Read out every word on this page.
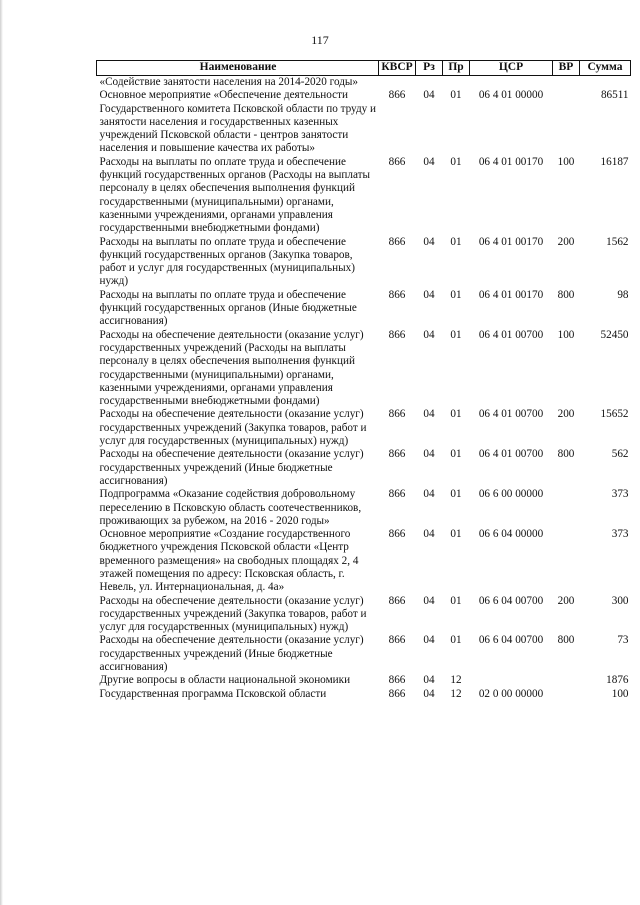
117
Наименование	КВСР	Рз	Пр	ЦСР	ВР	Сумма
«Содействие занятости населения на 2014-2020 годы»						
Основное мероприятие «Обеспечение деятельности Государственного комитета Псковской области по труду и занятости населения и государственных казенных учреждений Псковской области - центров занятости населения и повышение качества их работы»	866	04	01	06 4 01 00000		86511
Расходы на выплаты по оплате труда и обеспечение функций государственных органов (Расходы на выплаты персоналу в целях обеспечения выполнения функций государственными (муниципальными) органами, казенными учреждениями, органами управления государственными внебюджетными фондами)	866	04	01	06 4 01 00170	100	16187
Расходы на выплаты по оплате труда и обеспечение функций государственных органов (Закупка товаров, работ и услуг для государственных (муниципальных) нужд)	866	04	01	06 4 01 00170	200	1562
Расходы на выплаты по оплате труда и обеспечение функций государственных органов (Иные бюджетные ассигнования)	866	04	01	06 4 01 00170	800	98
Расходы на обеспечение деятельности (оказание услуг) государственных учреждений (Расходы на выплаты персоналу в целях обеспечения выполнения функций государственными (муниципальными) органами, казенными учреждениями, органами управления государственными внебюджетными фондами)	866	04	01	06 4 01 00700	100	52450
Расходы на обеспечение деятельности (оказание услуг) государственных учреждений (Закупка товаров, работ и услуг для государственных (муниципальных) нужд)	866	04	01	06 4 01 00700	200	15652
Расходы на обеспечение деятельности (оказание услуг) государственных учреждений (Иные бюджетные ассигнования)	866	04	01	06 4 01 00700	800	562
Подпрограмма «Оказание содействия добровольному переселению в Псковскую область соотечественников, проживающих за рубежом, на 2016 - 2020 годы»	866	04	01	06 6 00 00000		373
Основное мероприятие «Создание государственного бюджетного учреждения Псковской области «Центр временного размещения» на свободных площадях 2, 4 этажей помещения по адресу: Псковская область, г. Невель, ул. Интернациональная, д. 4а»	866	04	01	06 6 04 00000		373
Расходы на обеспечение деятельности (оказание услуг) государственных учреждений (Закупка товаров, работ и услуг для государственных (муниципальных) нужд)	866	04	01	06 6 04 00700	200	300
Расходы на обеспечение деятельности (оказание услуг) государственных учреждений (Иные бюджетные ассигнования)	866	04	01	06 6 04 00700	800	73
Другие вопросы в области национальной экономики	866	04	12			1876
Государственная программа Псковской области	866	04	12	02 0 00 00000		100
